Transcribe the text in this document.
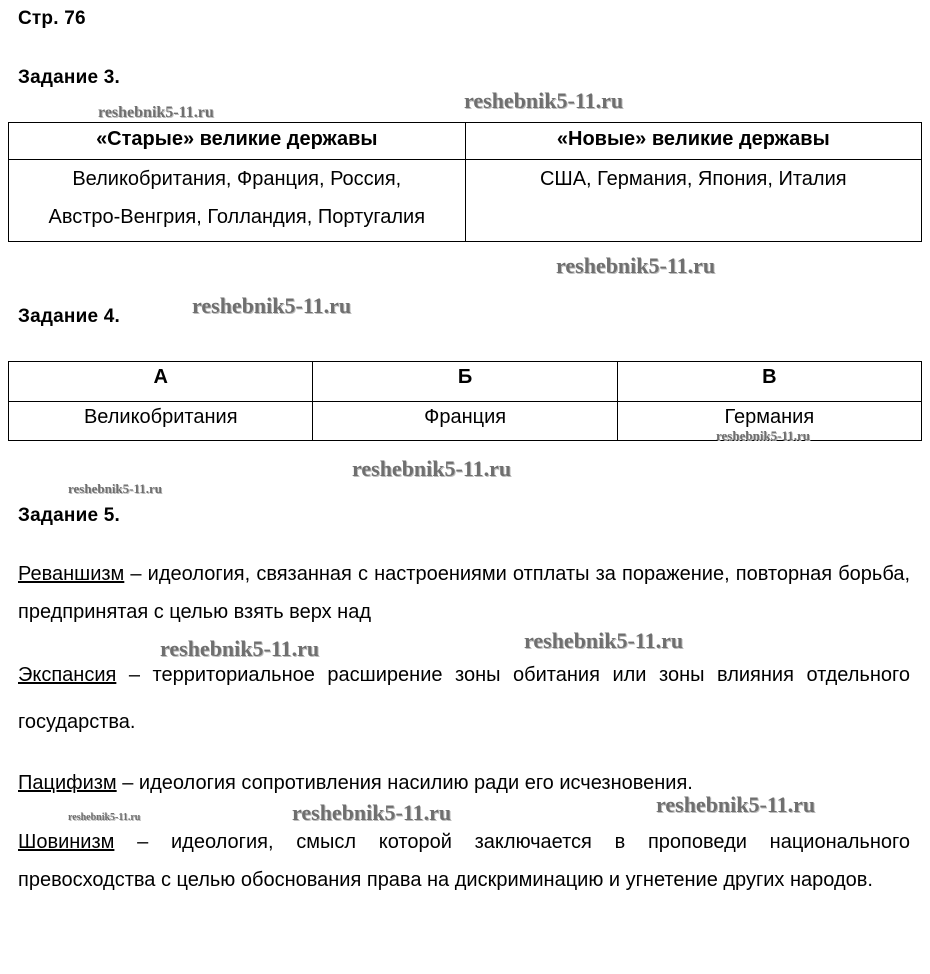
Стр. 76
Задание 3.
«Старые» великие державы	«Новые» великие державы

Великобритания, Франция, Россия,
Австро-Венгрия, Голландия, Португалия	США, Германия, Япония, Италия
Задание 4.
А	Б	В
Великобритания	Франция	Германия
Задание 5.
Реваншизм – идеология, связанная с настроениями отплаты за поражение, повторная борьба, предпринятая с целью взять верх над
Экспансия – территориальное расширение зоны обитания или зоны влияния отдельного государства.
Пацифизм – идеология сопротивления насилию ради его исчезновения.
Шовинизм – идеология, смысл которой заключается в проповеди национального превосходства с целью обоснования права на дискриминацию и угнетение других народов.
reshebnik5-11.ru	reshebnik5-11.ru
reshebnik5-11.ru
reshebnik5-11.ru
reshebnik5-11.ru
reshebnik5-11.ru
reshebnik5-11.ru
reshebnik5-11.ru	reshebnik5-11.ru
reshebnik5-11.ru	reshebnik5-11.ru	reshebnik5-11.ru
